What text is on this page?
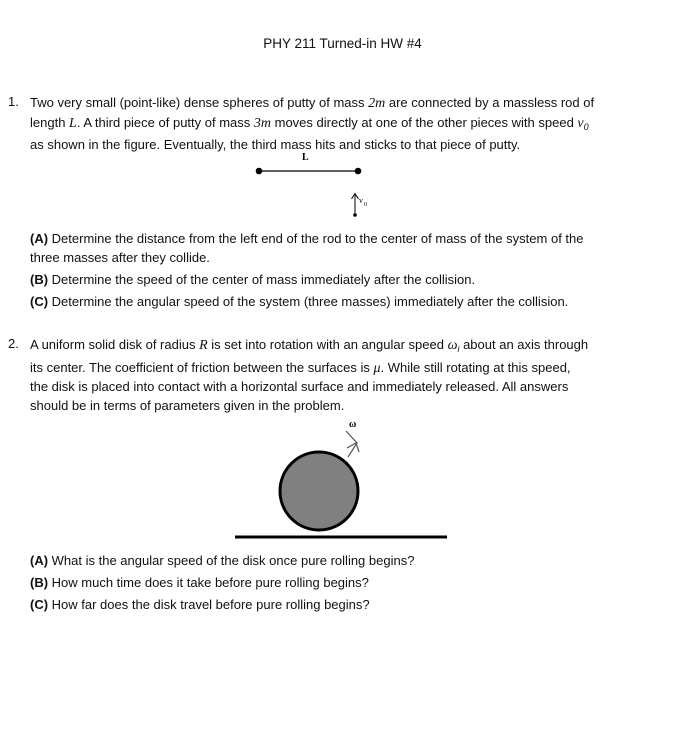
PHY 211 Turned-in HW #4
1. Two very small (point-like) dense spheres of putty of mass 2m are connected by a massless rod of
length L. A third piece of putty of mass 3m moves directly at one of the other pieces with speed $v_0$
as shown in the figure. Eventually, the third mass hits and sticks to that piece of putty.
L
v 0
(A) Determine the distance from the left end of the rod to the center of mass of the system of the
three masses after they collide.
(B) Determine the speed of the center of mass immediately after the collision.
(C) Determine the angular speed of the system (three masses) immediately after the collision.
2. A uniform solid disk of radius R is set into rotation with an angular speed $\omega_i$ about an axis through
its center. The coefficient of friction between the surfaces is μ. While still rotating at this speed,
the disk is placed into contact with a horizontal surface and immediately released. All answers
should be in terms of parameters given in the problem.
ω
(A) What is the angular speed of the disk once pure rolling begins?
(B) How much time does it take before pure rolling begins?
(C) How far does the disk travel before pure rolling begins?
